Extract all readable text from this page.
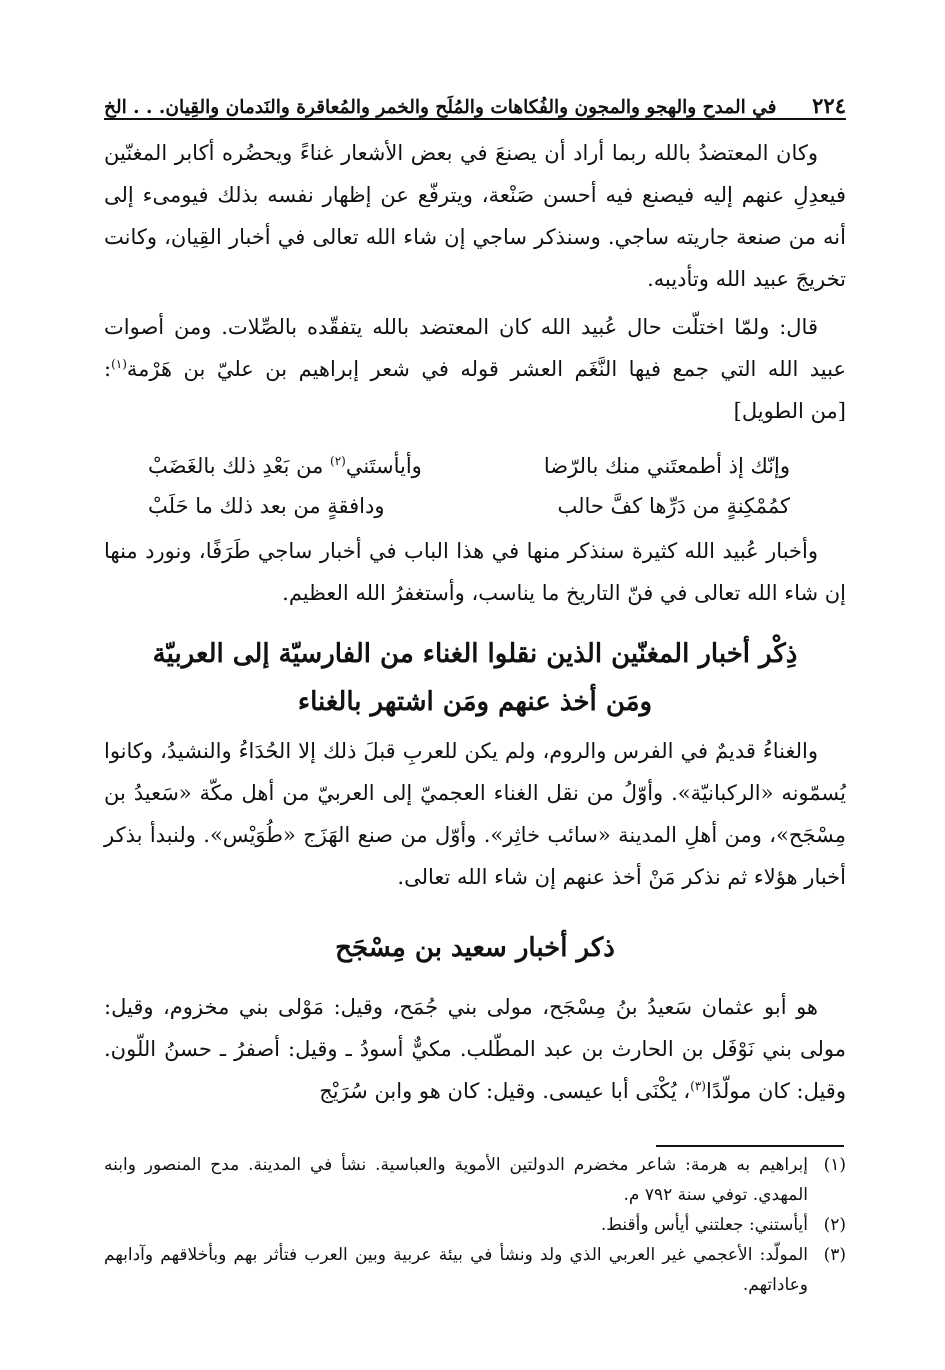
٢٢٤
في المدح والهجو والمجون والفُكاهات والمُلَح والخمر والمُعاقرة والنَدمان والقِيان. . . الخ

وكان المعتضدُ بالله ربما أراد أن يصنعَ في بعض الأشعار غناءً ويحضُره أكابر المغنّين فيعدِلِ عنهم إليه فيصنع فيه أحسن صَنْعة، ويترفّع عن إظهار نفسه بذلك فيومىء إلى أنه من صنعة جاريته ساجي. وسنذكر ساجي إن شاء الله تعالى في أخبار القِيان، وكانت تخريجَ عبيد الله وتأديبه.

قال: ولمّا اختلّت حال عُبيد الله كان المعتضد بالله يتفقّده بالصِّلات. ومن أصوات عبيد الله التي جمع فيها النَّغَم العشر قوله في شعر إبراهيم بن عليّ بن هَرْمة$^{(١)}$: [من الطويل]

وإنّك إذ أطمعتَني منك بالرّضا
وأيأستَني$^{(٢)}$ من بَعْدِ ذلك بالغَضَبْ
كمُمْكِنةٍ من دَرِّها كفَّ حالب
ودافقةٍ من بعد ذلك ما حَلَبْ

وأخبار عُبيد الله كثيرة سنذكر منها في هذا الباب في أخبار ساجي طَرَفًا، ونورد منها إن شاء الله تعالى في فنّ التاريخ ما يناسب، وأستغفرُ الله العظيم.

ذِكْر أخبار المغنّين الذين نقلوا الغناء من الفارسيّة إلى العربيّة

ومَن أخذ عنهم ومَن اشتهر بالغناء

والغناءُ قديمٌ في الفرس والروم، ولم يكن للعربِ قبلَ ذلك إلا الحُدَاءُ والنشيدُ، وكانوا يُسمّونه «الركبانيّة». وأوّلُ من نقل الغناء العجميّ إلى العربيّ من أهل مكّة «سَعيدُ بن مِسْجَح»، ومن أهلِ المدينة «سائب خاثِر». وأوّل من صنع الهَزَج «طُوَيْس». ولنبدأ بذكر أخبار هؤلاء ثم نذكر مَنْ أخذ عنهم إن شاء الله تعالى.

ذكر أخبار سعيد بن مِسْجَح

هو أبو عثمان سَعيدُ بنُ مِسْجَح، مولى بني جُمَح، وقيل: مَوْلى بني مخزوم، وقيل: مولى بني نَوْفَل بن الحارث بن عبد المطّلب. مكيٌّ أسودُ ـ وقيل: أصفرُ ـ حسنُ اللّون. وقيل: كان مولّدًا$^{(٣)}$، يُكْنَى أبا عيسى. وقيل: كان هو وابن سُرَيْج

(١)
إبراهيم به هرمة: شاعر مخضرم الدولتين الأموية والعباسية. نشأ في المدينة. مدح المنصور وابنه المهدي. توفي سنة ٧٩٢ م.

(٢)
أيأستني: جعلتني أيأس وأقنط.

(٣)
المولّد: الأعجمي غير العربي الذي ولد ونشأ في بيئة عربية وبين العرب فتأثر بهم وبأخلاقهم وآدابهم وعاداتهم.
